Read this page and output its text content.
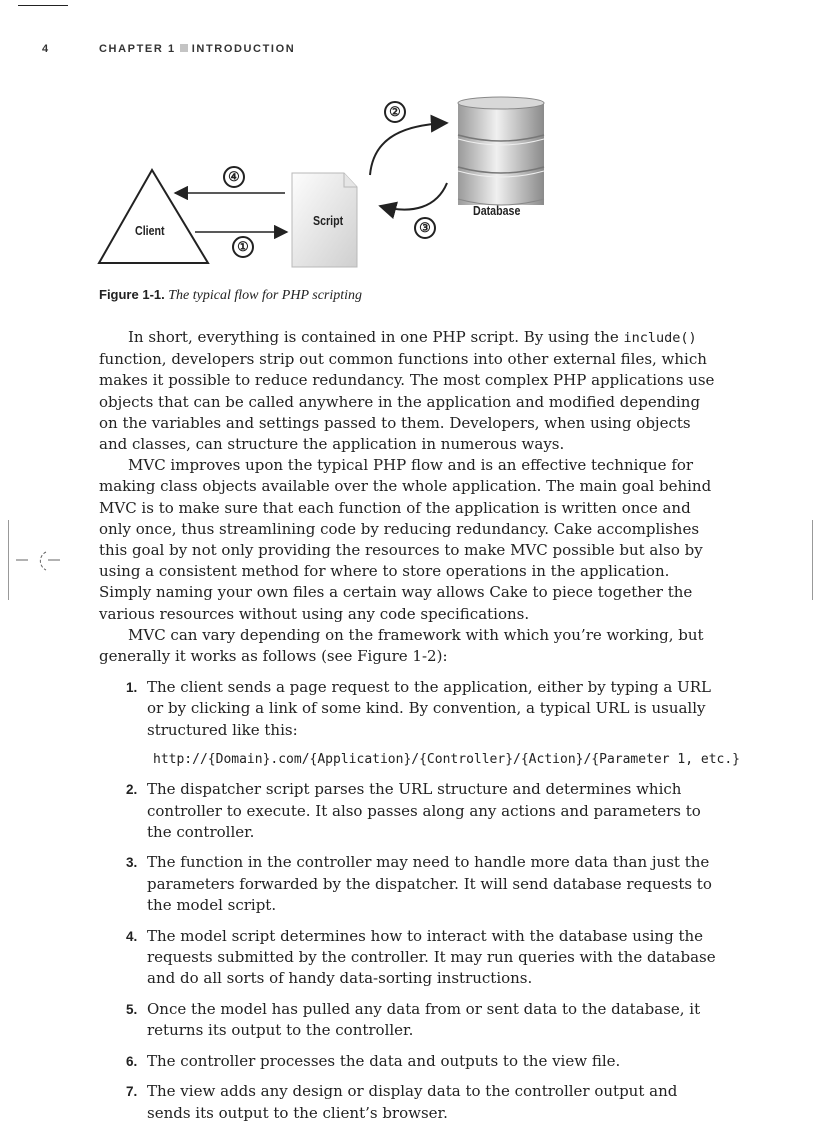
4	CHAPTER 1 INTRODUCTION
Client
Script
Database
④
①
②
③
Figure 1-1. The typical flow for PHP scripting

In short, everything is contained in one PHP script. By using the include() function, developers strip out common functions into other external files, which makes it possible to reduce redundancy. The most complex PHP applications use objects that can be called anywhere in the application and modified depending on the variables and settings passed to them. Developers, when using objects and classes, can structure the application in numerous ways.

MVC improves upon the typical PHP flow and is an effective technique for making class objects available over the whole application. The main goal behind MVC is to make sure that each function of the application is written once and only once, thus streamlining code by reducing redundancy. Cake accomplishes this goal by not only providing the resources to make MVC possible but also by using a consistent method for where to store operations in the application. Simply naming your own files a certain way allows Cake to piece together the various resources without using any code specifications.

MVC can vary depending on the framework with which you’re working, but generally it works as follows (see Figure 1-2):

1. The client sends a page request to the application, either by typing a URL or by clicking a link of some kind. By convention, a typical URL is usually structured like this:
http://{Domain}.com/{Application}/{Controller}/{Action}/{Parameter 1, etc.}
2. The dispatcher script parses the URL structure and determines which controller to execute. It also passes along any actions and parameters to the controller.
3. The function in the controller may need to handle more data than just the parameters forwarded by the dispatcher. It will send database requests to the model script.
4. The model script determines how to interact with the database using the requests submitted by the controller. It may run queries with the database and do all sorts of handy data-sorting instructions.
5. Once the model has pulled any data from or sent data to the database, it returns its output to the controller.
6. The controller processes the data and outputs to the view file.
7. The view adds any design or display data to the controller output and sends its output to the client’s browser.
